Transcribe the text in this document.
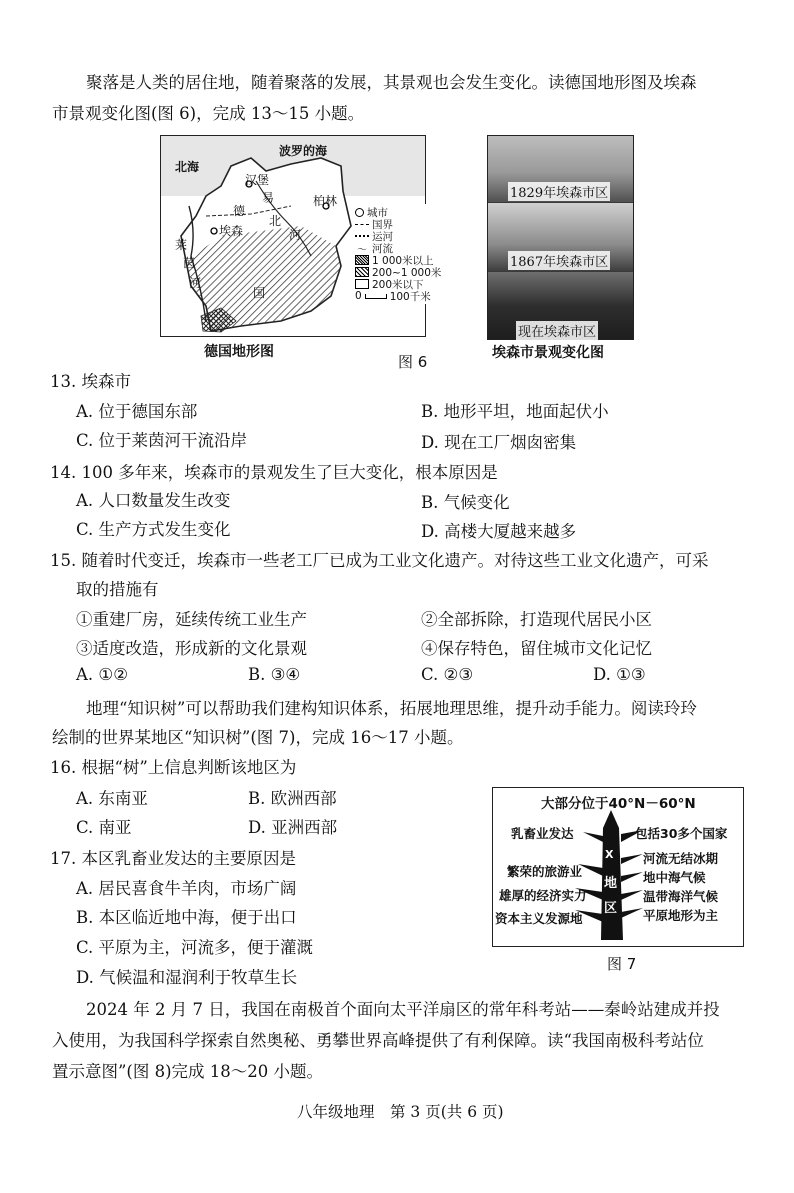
聚落是人类的居住地，随着聚落的发展，其景观也会发生变化。读德国地形图及埃森
市景观变化图(图 6)，完成 13～15 小题。
北海
波罗的海
汉堡
柏林
易
北
河
德
埃森
莱
茵
河
国
城市
国界
运河
〜 河流
1 000米以上
200~1 000米
200米以下
0	100千米
德国地形图
图 6
1829年埃森市区
1867年埃森市区
现在埃森市区
埃森市景观变化图
13. 埃森市
A. 位于德国东部	B. 地形平坦，地面起伏小
C. 位于莱茵河干流沿岸	D. 现在工厂烟囱密集
14. 100 多年来，埃森市的景观发生了巨大变化，根本原因是
A. 人口数量发生改变	B. 气候变化
C. 生产方式发生变化	D. 高楼大厦越来越多
15. 随着时代变迁，埃森市一些老工厂已成为工业文化遗产。对待这些工业文化遗产，可采
取的措施有
①重建厂房，延续传统工业生产	②全部拆除，打造现代居民小区
③适度改造，形成新的文化景观	④保存特色，留住城市文化记忆
A. ①②	B. ③④	C. ②③	D. ①③
地理“知识树”可以帮助我们建构知识体系，拓展地理思维，提升动手能力。阅读玲玲
绘制的世界某地区“知识树”(图 7)，完成 16～17 小题。
16. 根据“树”上信息判断该地区为
A. 东南亚	B. 欧洲西部
C. 南亚	D. 亚洲西部
17. 本区乳畜业发达的主要原因是
A. 居民喜食牛羊肉，市场广阔
B. 本区临近地中海，便于出口
C. 平原为主，河流多，便于灌溉
D. 气候温和湿润利于牧草生长
大部分位于40°N－60°N
乳畜业发达
繁荣的旅游业
雄厚的经济实力
资本主义发源地
包括30多个国家
河流无结冰期
地中海气候
温带海洋气候
平原地形为主
X
地
区
图 7
2024 年 2 月 7 日，我国在南极首个面向太平洋扇区的常年科考站——秦岭站建成并投
入使用，为我国科学探索自然奥秘、勇攀世界高峰提供了有利保障。读“我国南极科考站位
置示意图”(图 8)完成 18～20 小题。
八年级地理　第 3 页(共 6 页)
